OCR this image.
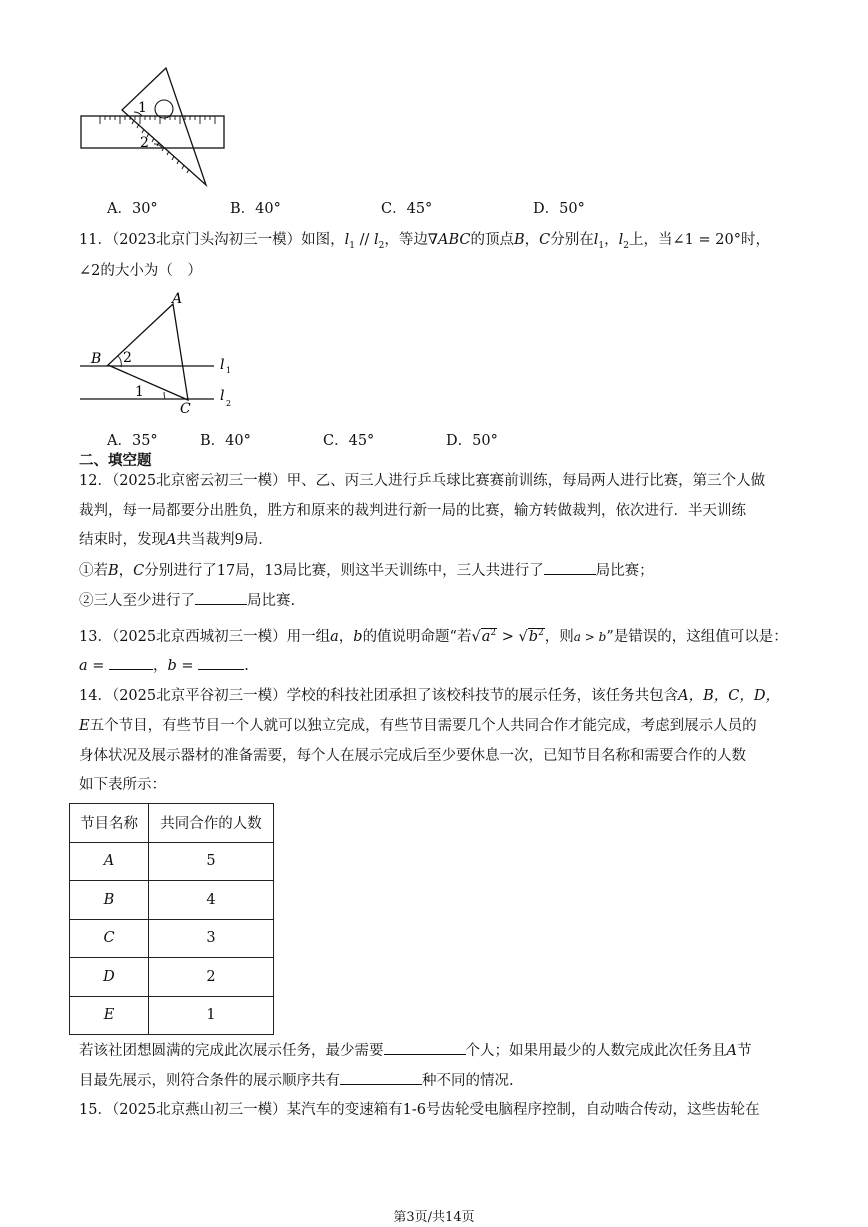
1
2
A．30°	B．40°	C．45°	D．50°
11．（2023北京门头沟初三一模）如图，$l_1 // l_2$，等边∇ABC的顶点B，C分别在$l_1$，$l_2$上，当∠1 = 20°时，
∠2的大小为（　）
A
B
C
2
1
l 1
l 2
A．35°	B．40°	C．45°	D．50°
二、填空题
12．（2025北京密云初三一模）甲、乙、丙三人进行乒乓球比赛赛前训练，每局两人进行比赛，第三个人做
裁判，每一局都要分出胜负，胜方和原来的裁判进行新一局的比赛，输方转做裁判，依次进行．半天训练
结束时，发现A共当裁判9局．
①若B，C分别进行了17局，13局比赛，则这半天训练中，三人共进行了	局比赛；
②三人至少进行了	局比赛.
13．（2025北京西城初三一模）用一组a，b的值说明命题“若$√a^2 > √b^2$，则a > b”是错误的，这组值可以是：
a =	，b =	.
14．（2025北京平谷初三一模）学校的科技社团承担了该校科技节的展示任务，该任务共包含A，B，C，D，
E五个节目，有些节目一个人就可以独立完成，有些节目需要几个人共同合作才能完成，考虑到展示人员的
身体状况及展示器材的准备需要，每个人在展示完成后至少要休息一次，已知节目名称和需要合作的人数
如下表所示：
节目名称	共同合作的人数
A	5
B	4
C	3
D	2
E	1
若该社团想圆满的完成此次展示任务，最少需要	个人；如果用最少的人数完成此次任务且A节
目最先展示，则符合条件的展示顺序共有	种不同的情况.
15．（2025北京燕山初三一模）某汽车的变速箱有1-6号齿轮受电脑程序控制，自动啮合传动，这些齿轮在
第3页/共14页
